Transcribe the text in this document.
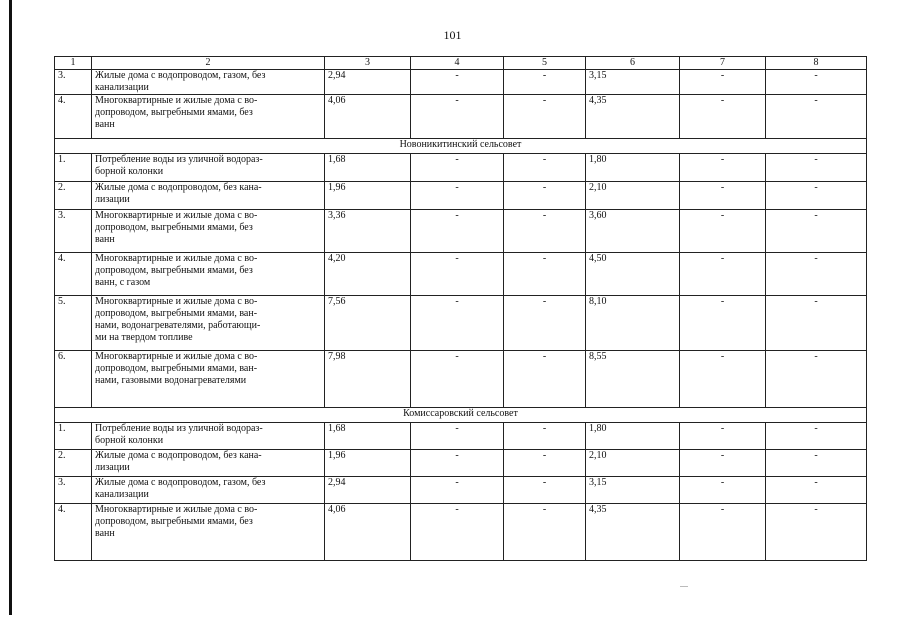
101
1	2	3	4	5	6	7	8
3.	Жилые дома с водопроводом, газом, без
канализации	2,94	-	-	3,15	-	-
4.	Многоквартирные и жилые дома с во-
допроводом, выгребными ямами, без
ванн	4,06	-	-	4,35	-	-
Новоникитинский сельсовет							
1.	Потребление воды из уличной водораз-
борной колонки	1,68	-	-	1,80	-	-
2.	Жилые дома с водопроводом, без кана-
лизации	1,96	-	-	2,10	-	-
3.	Многоквартирные и жилые дома с во-
допроводом, выгребными ямами, без
ванн	3,36	-	-	3,60	-	-
4.	Многоквартирные и жилые дома с во-
допроводом, выгребными ямами, без
ванн, с газом	4,20	-	-	4,50	-	-
5.	Многоквартирные и жилые дома с во-
допроводом, выгребными ямами, ван-
нами, водонагревателями, работающи-
ми на твердом топливе	7,56	-	-	8,10	-	-
6.	Многоквартирные и жилые дома с во-
допроводом, выгребными ямами, ван-
нами, газовыми водонагревателями	7,98	-	-	8,55	-	-
Комиссаровский сельсовет							
1.	Потребление воды из уличной водораз-
борной колонки	1,68	-	-	1,80	-	-
2.	Жилые дома с водопроводом, без кана-
лизации	1,96	-	-	2,10	-	-
3.	Жилые дома с водопроводом, газом, без
канализации	2,94	-	-	3,15	-	-
4.	Многоквартирные и жилые дома с во-
допроводом, выгребными ямами, без
ванн	4,06	-	-	4,35	-	-
